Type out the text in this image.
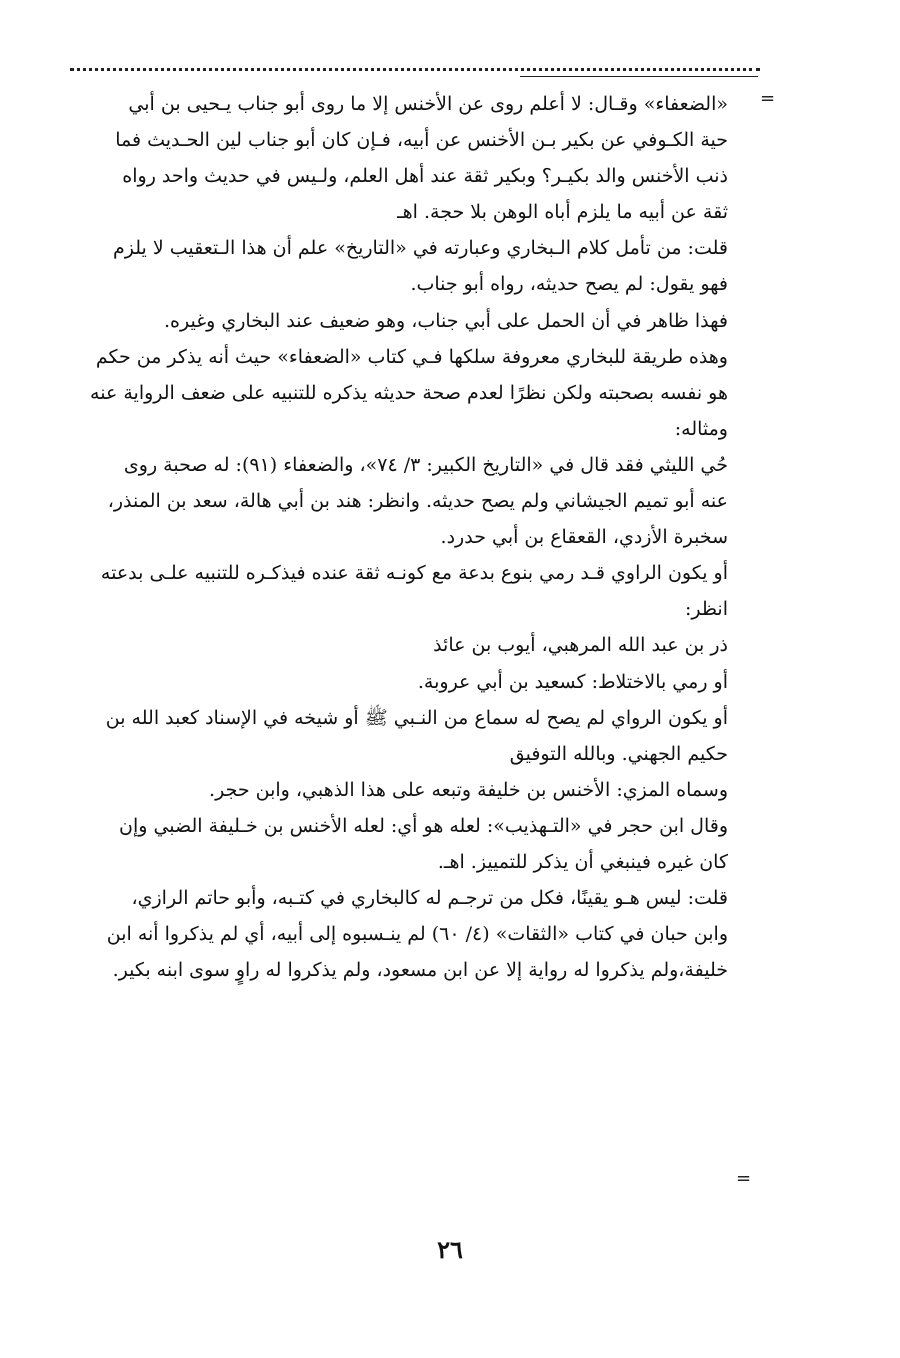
=
«الضعفاء» وقـال: لا أعلم روى عن الأخنس إلا ما روى أبو جناب يـحيى بن أبي
حية الكـوفي عن بكير بـن الأخنس عن أبيه، فـإن كان أبو جناب لين الحـديث فما
ذنب الأخنس والد بكيـر؟ وبكير ثقة عند أهل العلم، ولـيس في حديث واحد رواه
ثقة عن أبيه ما يلزم أباه الوهن بلا حجة. اهـ
قلت: من تأمل كلام الـبخاري وعبارته في «التاريخ» علم أن هذا الـتعقيب لا يلزم
فهو يقول: لم يصح حديثه، رواه أبو جناب.
فهذا ظاهر في أن الحمل على أبي جناب، وهو ضعيف عند البخاري وغيره.
وهذه طريقة للبخاري معروفة سلكها فـي كتاب «الضعفاء» حيث أنه يذكر من حكم
هو نفسه بصحبته ولكن نظرًا لعدم صحة حديثه يذكره للتنبيه على ضعف الرواية عنه
ومثاله:
حُي الليثي فقد قال في «التاريخ الكبير: ٣/ ٧٤»، والضعفاء (٩١): له صحبة روى
عنه أبو تميم الجيشاني ولم يصح حديثه. وانظر: هند بن أبي هالة، سعد بن المنذر،
سخبرة الأزدي، القعقاع بن أبي حدرد.
أو يكون الراوي قـد رمي بنوع بدعة مع كونـه ثقة عنده فيذكـره للتنبيه علـى بدعته
انظر:
ذر بن عبد الله المرهبي، أيوب بن عائذ
أو رمي بالاختلاط: كسعيد بن أبي عروبة.
أو يكون الرواي لم يصح له سماع من النـبي ﷺ أو شيخه في الإسناد كعبد الله بن
حكيم الجهني. وبالله التوفيق
وسماه المزي: الأخنس بن خليفة وتبعه على هذا الذهبي، وابن حجر.
وقال ابن حجر في «التـهذيب»: لعله هو أي: لعله الأخنس بن خـليفة الضبي وإن
كان غيره فينبغي أن يذكر للتمييز. اهـ.
قلت: ليس هـو يقينًا، فكل من ترجـم له كالبخاري في كتـبه، وأبو حاتم الرازي،
وابن حبان في كتاب «الثقات» (٤/ ٦٠) لم ينـسبوه إلى أبيه، أي لم يذكروا أنه ابن
خليفة،ولم يذكروا له رواية إلا عن ابن مسعود، ولم يذكروا له راوٍ سوى ابنه بكير.
=
٢٦
